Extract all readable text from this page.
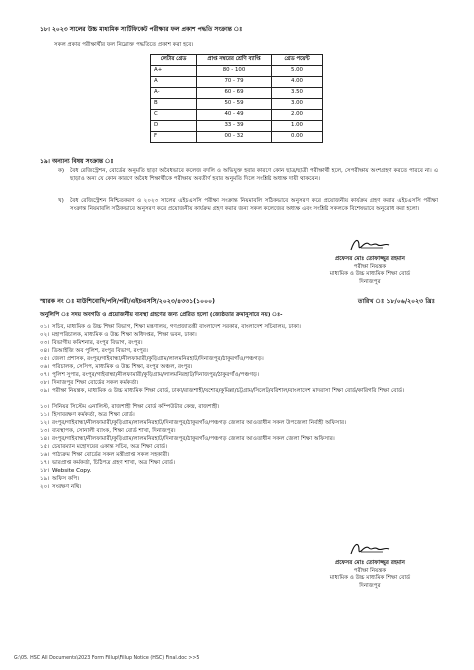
১৮। ২০২৩ সালের উচ্চ মাধ্যমিক সার্টিফিকেট পরীক্ষার ফল প্রকাশ পদ্ধতি সংক্রান্ত ঃ
সকল প্রকার পরীক্ষার্থীর ফল নিম্নোক্ত পদ্ধতিতে প্রকাশ করা হবে।
লেটার গ্রেড	প্রাপ্ত নম্বরের শ্রেণি ব্যাপ্তি	গ্রেড পয়েন্ট
A+	80 - 100	5.00
A	70 - 79	4.00
A-	60 - 69	3.50
B	50 - 59	3.00
C	40 - 49	2.00
D	33 - 39	1.00
F	00 - 32	0.00
১৯। অন্যান্য বিষয় সংক্রান্ত ঃ
ক) বৈধ রেজিস্ট্রেশন, বোর্ডের অনুমতি ছাড়া অবৈধভাবে কলেজ বদলি ও অভিযুক্ত হবার কারণে কোন ছাত্র/ছাত্রী পরীক্ষার্থী হলে, সেপরীক্ষায় অংশগ্রহণ করতে পারবে না। এ ছাড়াও অন্য যে কোন কারণে অবৈধ শিক্ষার্থীকে পরীক্ষায় অবতীর্ণ হবার অনুমতি দিলে সংশ্লিষ্ট অধ্যক্ষ দায়ী থাকবেন।
খ) বৈধ রেজিস্ট্রেশন নিশ্চিতকরণ ও ২০২৩ সালের এইচএসসি পরীক্ষা সংক্রান্ত নিয়মাবলি সঠিকভাবে অনুসরণ করে প্রয়োজনীয় কার্যক্রম গ্রহণ করার এইচএসসি পরীক্ষা সংক্রান্ত নিয়মাবলি সঠিকভাবে অনুসরণ করে প্রয়োজনীয় কার্যক্রম গ্রহণ করার জন্য সকল কলেজের অধ্যক্ষ এবং সংশ্লিষ্ট সকলকে বিশেষভাবে অনুরোধ করা হলো।
প্রফেসর মোঃ তোফাজ্জুর রহমান
পরীক্ষা নিয়ন্ত্রক
মাধ্যমিক ও উচ্চ মাধ্যমিক শিক্ষা বোর্ড
দিনাজপুর
স্মারক নং ঃ মাউশিবোদি/পনি/পরী/এইচএসসি/২০২৩/৪৩৩১(১০০০)	তারিখ ঃ ১৮/০৬/২০২৩ খ্রিঃ
অনুলিপি ঃ সদয় অবগতি ও প্রয়োজনীয় ব্যবস্থা গ্রহণের জন্য প্রেরিত হলো (জ্যেষ্ঠতার ক্রমানুসারে নয়) ঃ-
০১। সচিব, মাধ্যমিক ও উচ্চ শিক্ষা বিভাগ, শিক্ষা মন্ত্রণালয়, গণপ্রজাতন্ত্রী বাংলাদেশ সরকার, বাংলাদেশ সচিবালয়, ঢাকা।
০২। মহাপরিচালক, মাধ্যমিক ও উচ্চ শিক্ষা অধিদপ্তর, শিক্ষা ভবন, ঢাকা।
০৩। বিভাগীয় কমিশনার, রংপুর বিভাগ, রংপুর।
০৪। ডিআইজি অব পুলিশ, রংপুর বিভাগ, রংপুর।
০৫। জেলা প্রশাসক, রংপুর/গাইবান্ধা/নীলফামারী/কুড়িগ্রাম/লালমনিরহাট/দিনাজপুর/ঠাকুরগাঁও/পঞ্চগড়।
০৬। পরিচালক, সেসিপ, মাধ্যমিক ও উচ্চ শিক্ষা, রংপুর অঞ্চল, রংপুর।
০৭। পুলিশ সুপার, রংপুর/গাইবান্ধা/নীলফামারী/কুড়িগ্রাম/লালমনিরহাট/দিনাজপুর/ঠাকুরগাঁও/পঞ্চগড়।
০৮। দিনাজপুর শিক্ষা বোর্ডের সকল কর্মকর্তা।
০৯। পরীক্ষা নিয়ন্ত্রক, মাধ্যমিক ও উচ্চ মাধ্যমিক শিক্ষা বোর্ড, ঢাকা/রাজশাহী/যশোর/কুমিল্লা/চট্টগ্রাম/সিলেট/বরিশাল/বাংলাদেশ মাদরাসা শিক্ষা বোর্ড/কারিগরি শিক্ষা বোর্ড।
১০। সিনিয়র সিস্টেম এনালিস্ট, রাজশাহী শিক্ষা বোর্ড কম্পিউটার কেন্দ্র, রাজশাহী।
১১। হিসাবরক্ষণ কর্মকর্তা, অত্র শিক্ষা বোর্ড।
১২। রংপুর/গাইবান্ধা/নীলফামারী/কুড়িগ্রাম/লালমনিরহাট/দিনাজপুর/ঠাকুরগাঁও/পঞ্চগড় জেলার আওতাধীন সকল উপজেলা নির্বাহী অফিসার।
১৩। ব্যবস্থাপক, সোনালী ব্যাংক, শিক্ষা বোর্ড শাখা, দিনাজপুর।
১৪। রংপুর/গাইবান্ধা/নীলফামারী/কুড়িগ্রাম/লালমনিরহাট/দিনাজপুর/ঠাকুরগাঁও/পঞ্চগড় জেলার আওতাধীন সকল জেলা শিক্ষা অফিসার।
১৫। চেয়ারম্যান মহোদয়ের একান্ত সচিব, অত্র শিক্ষা বোর্ড।
১৬। পাঠ্যক্রম শিক্ষা বোর্ডের সকল মন্ত্রীপ্রাপ্ত সকল সহকারী।
১৭। ভারপ্রাপ্ত কর্মকর্তা, চিঠিপত্র গ্রহণ শাখা, অত্র শিক্ষা বোর্ড।
১৮। Website Copy.
১৯। অফিস কপি।
২০। সংরক্ষণ নথি।
প্রফেসর মোঃ তোফাজ্জুর রহমান
পরীক্ষা নিয়ন্ত্রক
মাধ্যমিক ও উচ্চ মাধ্যমিক শিক্ষা বোর্ড
দিনাজপুর
G:\05. HSC All Documents\2023 Form Fillup\Fillup Notice (HSC) Final.doc >>5
